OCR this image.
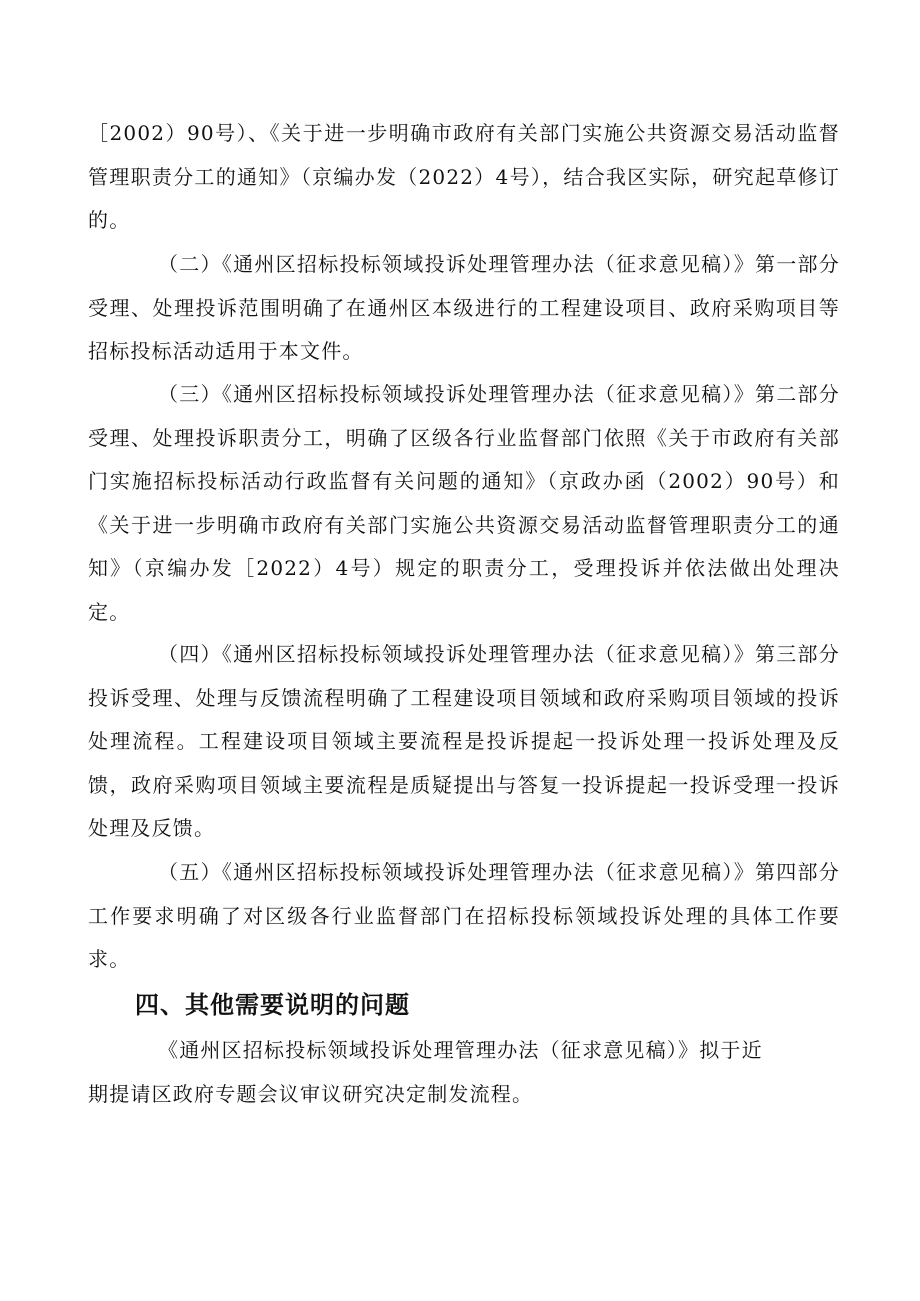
［2002）90号）、《关于进一步明确市政府有关部门实施公共资源交易活动监督管理职责分工的通知》（京编办发（2022）4号），结合我区实际，研究起草修订的。

（二）《通州区招标投标领域投诉处理管理办法（征求意见稿）》第一部分受理、处理投诉范围明确了在通州区本级进行的工程建设项目、政府采购项目等招标投标活动适用于本文件。

（三）《通州区招标投标领域投诉处理管理办法（征求意见稿）》第二部分受理、处理投诉职责分工，明确了区级各行业监督部门依照《关于市政府有关部门实施招标投标活动行政监督有关问题的通知》（京政办函（2002）90号）和《关于进一步明确市政府有关部门实施公共资源交易活动监督管理职责分工的通知》（京编办发［2022）4号）规定的职责分工，受理投诉并依法做出处理决定。

（四）《通州区招标投标领域投诉处理管理办法（征求意见稿）》第三部分投诉受理、处理与反馈流程明确了工程建设项目领域和政府采购项目领域的投诉处理流程。工程建设项目领域主要流程是投诉提起一投诉处理一投诉处理及反馈，政府采购项目领域主要流程是质疑提出与答复一投诉提起一投诉受理一投诉处理及反馈。

（五）《通州区招标投标领域投诉处理管理办法（征求意见稿）》第四部分工作要求明确了对区级各行业监督部门在招标投标领域投诉处理的具体工作要求。

四、其他需要说明的问题

《通州区招标投标领域投诉处理管理办法（征求意见稿）》拟于近期提请区政府专题会议审议研究决定制发流程。
